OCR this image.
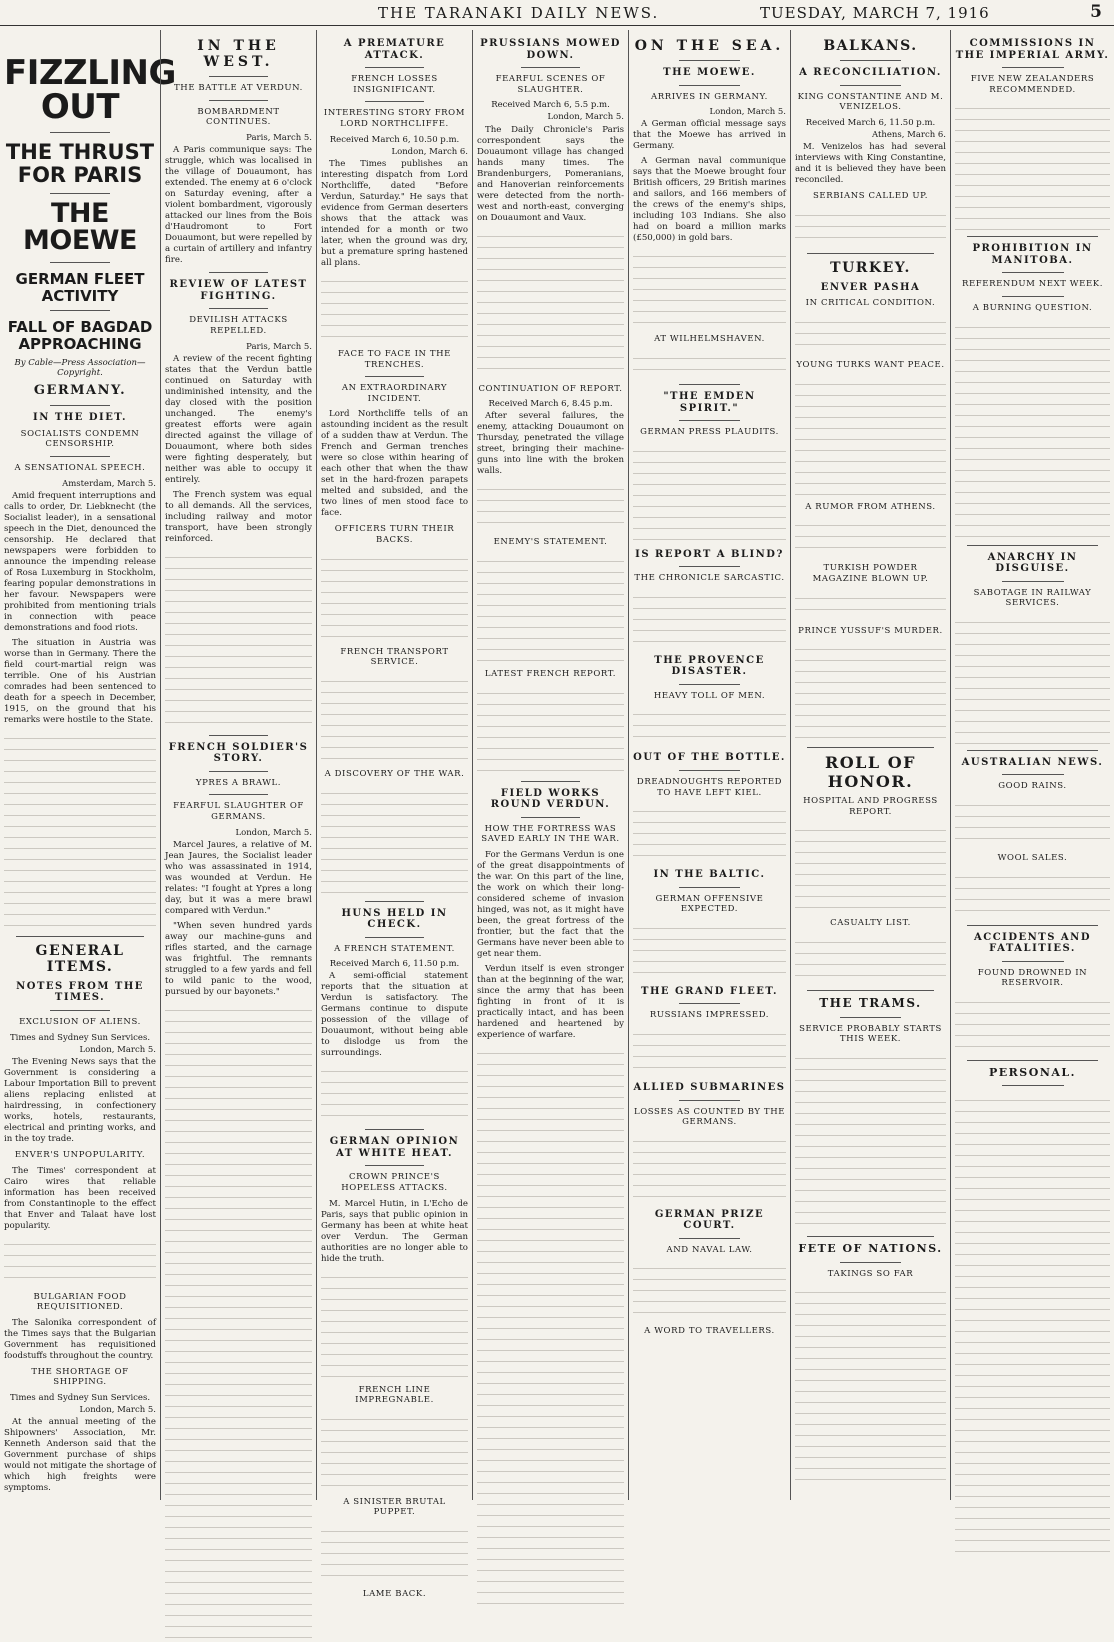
THE TARANAKI DAILY NEWS.	TUESDAY, MARCH 7, 1916	5
FIZZLING OUT
THE THRUST FOR PARIS
THE MOEWE
GERMAN FLEET ACTIVITY
FALL OF BAGDAD APPROACHING
By Cable—Press Association—Copyright.
GERMANY.
IN THE DIET.
SOCIALISTS CONDEMN CENSORSHIP.
A SENSATIONAL SPEECH.
Amsterdam, March 5.

Amid frequent interruptions and calls to order, Dr. Liebknecht (the Socialist leader), in a sensational speech in the Diet, denounced the censorship. He declared that newspapers were forbidden to announce the impending release of Rosa Luxemburg in Stockholm, fearing popular demonstrations in her favour. Newspapers were prohibited from mentioning trials in connection with peace demonstrations and food riots.

The situation in Austria was worse than in Germany. There the field court-martial reign was terrible. One of his Austrian comrades had been sentenced to death for a speech in December, 1915, on the ground that his remarks were hostile to the State.

GENERAL ITEMS.
NOTES FROM THE TIMES.
EXCLUSION OF ALIENS.
Times and Sydney Sun Services.
London, March 5.

The Evening News says that the Government is considering a Labour Importation Bill to prevent aliens replacing enlisted at hairdressing, in confectionery works, hotels, restaurants, electrical and printing works, and in the toy trade.

ENVER'S UNPOPULARITY.

The Times' correspondent at Cairo wires that reliable information has been received from Constantinople to the effect that Enver and Talaat have lost popularity.

BULGARIAN FOOD REQUISITIONED.

The Salonika correspondent of the Times says that the Bulgarian Government has requisitioned foodstuffs throughout the country.

THE SHORTAGE OF SHIPPING.
Times and Sydney Sun Services.
London, March 5.

At the annual meeting of the Shipowners' Association, Mr. Kenneth Anderson said that the Government purchase of ships would not mitigate the shortage of which high freights were symptoms.

IN THE WEST.
THE BATTLE AT VERDUN.
BOMBARDMENT CONTINUES.
Paris, March 5.

A Paris communique says: The struggle, which was localised in the village of Douaumont, has extended. The enemy at 6 o'clock on Saturday evening, after a violent bombardment, vigorously attacked our lines from the Bois d'Haudromont to Fort Douaumont, but were repelled by a curtain of artillery and infantry fire.

REVIEW OF LATEST FIGHTING.
DEVILISH ATTACKS REPELLED.
Paris, March 5.

A review of the recent fighting states that the Verdun battle continued on Saturday with undiminished intensity, and the day closed with the position unchanged. The enemy's greatest efforts were again directed against the village of Douaumont, where both sides were fighting desperately, but neither was able to occupy it entirely.

The French system was equal to all demands. All the services, including railway and motor transport, have been strongly reinforced.

FRENCH SOLDIER'S STORY.
YPRES A BRAWL.
FEARFUL SLAUGHTER OF GERMANS.
London, March 5.

Marcel Jaures, a relative of M. Jean Jaures, the Socialist leader who was assassinated in 1914, was wounded at Verdun. He relates: "I fought at Ypres a long day, but it was a mere brawl compared with Verdun."

"When seven hundred yards away our machine-guns and rifles started, and the carnage was frightful. The remnants struggled to a few yards and fell to wild panic to the wood, pursued by our bayonets."

A PREMATURE ATTACK.
FRENCH LOSSES INSIGNIFICANT.
INTERESTING STORY FROM LORD NORTHCLIFFE.
Received March 6, 10.50 p.m.
London, March 6.

The Times publishes an interesting dispatch from Lord Northcliffe, dated "Before Verdun, Saturday." He says that evidence from German deserters shows that the attack was intended for a month or two later, when the ground was dry, but a premature spring hastened all plans.

FACE TO FACE IN THE TRENCHES.
AN EXTRAORDINARY INCIDENT.

Lord Northcliffe tells of an astounding incident as the result of a sudden thaw at Verdun. The French and German trenches were so close within hearing of each other that when the thaw set in the hard-frozen parapets melted and subsided, and the two lines of men stood face to face.

OFFICERS TURN THEIR BACKS.
FRENCH TRANSPORT SERVICE.
A DISCOVERY OF THE WAR.
HUNS HELD IN CHECK.
A FRENCH STATEMENT.
Received March 6, 11.50 p.m.

A semi-official statement reports that the situation at Verdun is satisfactory. The Germans continue to dispute possession of the village of Douaumont, without being able to dislodge us from the surroundings.

GERMAN OPINION AT WHITE HEAT.
CROWN PRINCE'S HOPELESS ATTACKS.

M. Marcel Hutin, in L'Echo de Paris, says that public opinion in Germany has been at white heat over Verdun. The German authorities are no longer able to hide the truth.

FRENCH LINE IMPREGNABLE.
A SINISTER BRUTAL PUPPET.
LAME BACK.
PRUSSIANS MOWED DOWN.
FEARFUL SCENES OF SLAUGHTER.
Received March 6, 5.5 p.m.
London, March 5.

The Daily Chronicle's Paris correspondent says the Douaumont village has changed hands many times. The Brandenburgers, Pomeranians, and Hanoverian reinforcements were detected from the north-west and north-east, converging on Douaumont and Vaux.

CONTINUATION OF REPORT.
Received March 6, 8.45 p.m.

After several failures, the enemy, attacking Douaumont on Thursday, penetrated the village street, bringing their machine-guns into line with the broken walls.

ENEMY'S STATEMENT.
LATEST FRENCH REPORT.
FIELD WORKS ROUND VERDUN.
HOW THE FORTRESS WAS SAVED EARLY IN THE WAR.

For the Germans Verdun is one of the great disappointments of the war. On this part of the line, the work on which their long-considered scheme of invasion hinged, was not, as it might have been, the great fortress of the frontier, but the fact that the Germans have never been able to get near them.

Verdun itself is even stronger than at the beginning of the war, since the army that has been fighting in front of it is practically intact, and has been hardened and heartened by experience of warfare.

ON THE SEA.
THE MOEWE.
ARRIVES IN GERMANY.
London, March 5.

A German official message says that the Moewe has arrived in Germany.

A German naval communique says that the Moewe brought four British officers, 29 British marines and sailors, and 166 members of the crews of the enemy's ships, including 103 Indians. She also had on board a million marks (£50,000) in gold bars.

AT WILHELMSHAVEN.
"THE EMDEN SPIRIT."
GERMAN PRESS PLAUDITS.
IS REPORT A BLIND?
THE CHRONICLE SARCASTIC.
THE PROVENCE DISASTER.
HEAVY TOLL OF MEN.
OUT OF THE BOTTLE.
DREADNOUGHTS REPORTED TO HAVE LEFT KIEL.
IN THE BALTIC.
GERMAN OFFENSIVE EXPECTED.
THE GRAND FLEET.
RUSSIANS IMPRESSED.
ALLIED SUBMARINES
LOSSES AS COUNTED BY THE GERMANS.
GERMAN PRIZE COURT.
AND NAVAL LAW.
A WORD TO TRAVELLERS.
BALKANS.
A RECONCILIATION.
KING CONSTANTINE AND M. VENIZELOS.
Received March 6, 11.50 p.m.
Athens, March 6.

M. Venizelos has had several interviews with King Constantine, and it is believed they have been reconciled.

SERBIANS CALLED UP.
TURKEY.
ENVER PASHA
IN CRITICAL CONDITION.
YOUNG TURKS WANT PEACE.
A RUMOR FROM ATHENS.
TURKISH POWDER MAGAZINE BLOWN UP.
PRINCE YUSSUF'S MURDER.
ROLL OF HONOR.
HOSPITAL AND PROGRESS REPORT.
CASUALTY LIST.
THE TRAMS.
SERVICE PROBABLY STARTS THIS WEEK.
FETE OF NATIONS.
TAKINGS SO FAR
COMMISSIONS IN THE IMPERIAL ARMY.
FIVE NEW ZEALANDERS RECOMMENDED.
PROHIBITION IN MANITOBA.
REFERENDUM NEXT WEEK.
A BURNING QUESTION.
ANARCHY IN DISGUISE.
SABOTAGE IN RAILWAY SERVICES.
AUSTRALIAN NEWS.
GOOD RAINS.
WOOL SALES.
ACCIDENTS AND FATALITIES.
FOUND DROWNED IN RESERVOIR.
PERSONAL.
